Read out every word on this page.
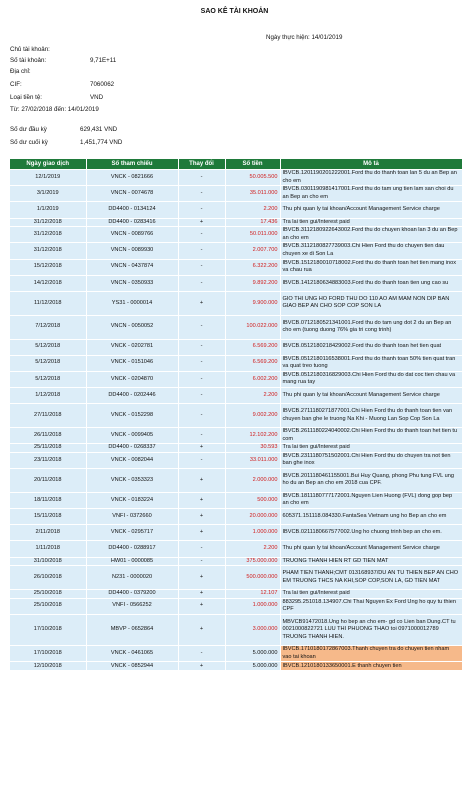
SAO KÊ TÀI KHOẢN
Ngày thực hiện: 14/01/2019
Chủ tài khoản:
Số tài khoản:	9,71E+11
Địa chỉ:
CIF:	7060062
Loại tiền tệ:	VND
Từ: 27/02/2018 đến: 14/01/2019
Số dư đầu kỳ	629,431 VND
Số dư cuối kỳ	1,451,774 VND
Ngày giao dịch	Số tham chiếu	Thay đổi	Số tiền	Mô tả
12/1/2019	VNCK - 0821666	-	50.005.500	IBVCB.1201190201222001.Ford thu do thanh toan lan 5 du an Bep an cho em
3/1/2019	VNCN - 0074678	-	35.011.000	IBVCB.0301190981417001.Ford thu do tam ung tien lam san choi du an Bep an cho em
1/1/2019	DD4400 - 0134124	-	2.200	Thu phi quan ly tai khoan/Account Management Service charge
31/12/2018	DD4400 - 0283416	+	17.436	Tra lai tien gui/Interest paid
31/12/2018	VNCN - 0089766	-	50.011.000	IBVCB.3112180922643002.Ford thu do chuyen khoan lan 3 du an Bep an cho em
31/12/2018	VNCN - 0089930	-	2.007.700	IBVCB.3112180827739003.Chi Hien Ford thu do chuyen tien dau chuyen xe di Son La
15/12/2018	VNCN - 0437874	-	6.322.200	IBVCB.1512180010718002.Ford thu do thanh toan het tien mang inox va chau rua
14/12/2018	VNCN - 0350933	-	9.892.200	IBVCB.1412180634883003.Ford thu do thanh toan tien ung cao su
11/12/2018	YS31 - 0000014	+	9.900.000	GIO THI UNG HO FORD THU DO 110 AO AM MAM NON DIP BAN GIAO BEP AN CHO SOP COP SON LA
7/12/2018	VNCN - 0050052	-	100.022.000	IBVCB.0712180521341001.Ford thu do tam ung dot 2 du an Bep an cho em (tuong duong 76% gia tri cong trinh)
5/12/2018	VNCK - 0202781	-	6.569.200	IBVCB.0512180218429002.Ford thu do thanh toan het tien quat
5/12/2018	VNCK - 0151046	-	6.569.200	IBVCB.0512180116538001.Ford thu do thanh toan 50% tien quat tran va quat treo tuong
5/12/2018	VNCK - 0204870	-	6.002.200	IBVCB.0512180316829003.Chi Hien Ford thu do dat coc tien chau va mang rua tay
1/12/2018	DD4400 - 0202446	-	2.200	Thu phi quan ly tai khoan/Account Management Service charge
27/11/2018	VNCK - 0152298	-	9.002.200	IBVCB.2711180271877001.Chi Hien Ford thu do thanh toan tien van chuyen ban ghe le truong Na Khi - Muong Lan Sop Cop Son La
26/11/2018	VNCK - 0099405	-	12.102.200	IBVCB.2611180224040002.Chi Hien Ford thu do thanh toan het tien tu com
25/11/2018	DD4400 - 0268337	+	30.593	Tra lai tien gui/Interest paid
23/11/2018	VNCK - 0082044	-	33.011.000	IBVCB.2311180751502001.Chi Hien Ford thu do chuyen tra not tien ban ghe inox
20/11/2018	VNCK - 0353323	+	2.000.000	IBVCB.2011180461155001.Bui Huy Quang, phong Phu tung FVL ung ho du an Bep an cho em 2018 cua CPF.
18/11/2018	VNCK - 0183224	+	500.000	IBVCB.1811180777172001.Nguyen Lien Huong (FVL) dong gop bep an cho em
15/11/2018	VNFI - 0372660	+	20.000.000	605371.151118.084330.FantaSea Vietnam ung ho Bep an cho em
2/11/2018	VNCK - 0295717	+	1.000.000	IBVCB.0211180667577002.Ung ho chuong trinh bep an cho em.
1/11/2018	DD4400 - 0288917	-	2.200	Thu phi quan ly tai khoan/Account Management Service charge
31/10/2018	HW01 - 0000085	-	375.000.000	TRUONG THANH HIEN RT GD TIEN MAT
26/10/2018	N231 - 0000020	+	500.000.000	PHAM TIEN THANH;CMT 013168937/DU AN TU THIEN BEP AN CHO EM TRUONG THCS NA KHI,SOP COP,SON LA, GD TIEN MAT
25/10/2018	DD4400 - 0379200	+	12.107	Tra lai tien gui/Interest paid
25/10/2018	VNFI - 0566252	+	1.000.000	883295.251018.134907.Chi Thai Nguyen Ex Ford Ung ho quy tu thien CPF
17/10/2018	MBVP - 0652864	+	3.000.000	MBVCB91472018.Ung ho bep an cho em- gd co Lien ban Dung.CT tu 0021000822721 LUU THI PHUONG THAO toi 0971000012789 TRUONG THANH HIEN.
17/10/2018	VNCK - 0461065	-	5.000.000	IBVCB.1710180172867003.Thanh chuyen tra do chuyen tien nham vao tai khoan
12/10/2018	VNCK - 0852944	+	5.000.000	IBVCB.1210180133650001.E thanh chuyen tien
